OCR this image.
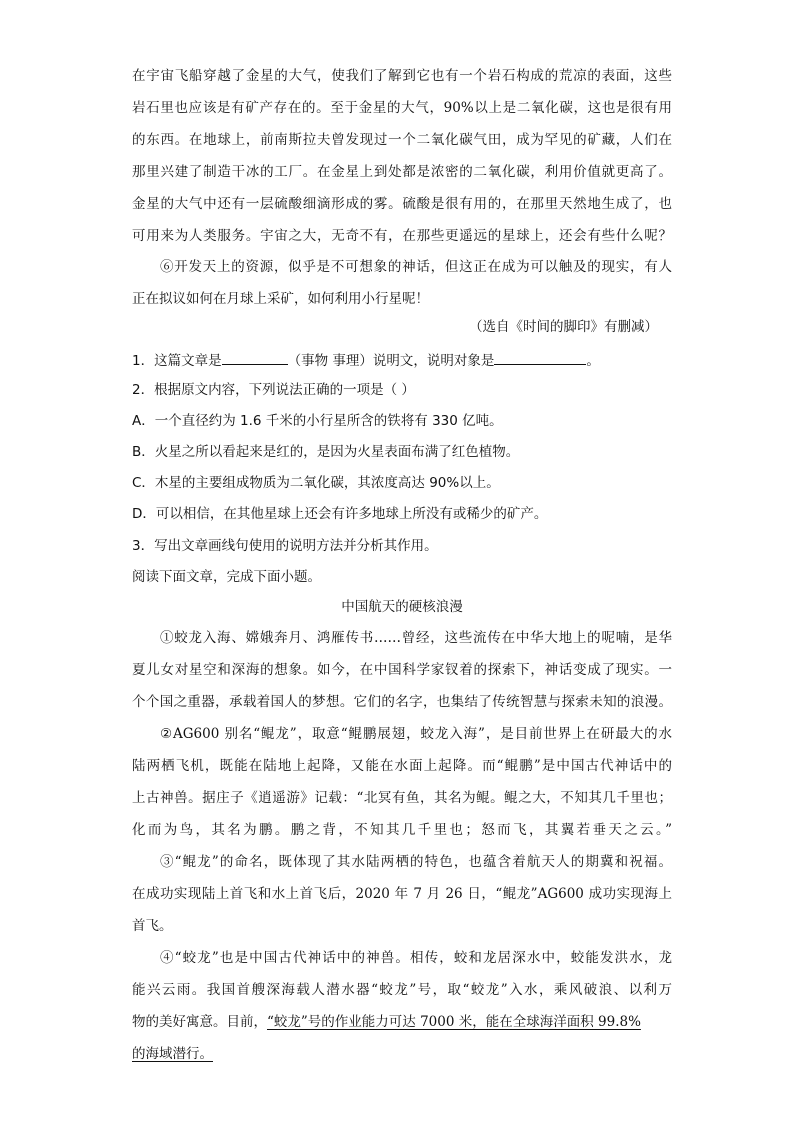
在宇宙飞船穿越了金星的大气，使我们了解到它也有一个岩石构成的荒凉的表面，这些
岩石里也应该是有矿产存在的。至于金星的大气，90%以上是二氧化碳，这也是很有用
的东西。在地球上，前南斯拉夫曾发现过一个二氧化碳气田，成为罕见的矿藏，人们在
那里兴建了制造干冰的工厂。在金星上到处都是浓密的二氧化碳，利用价值就更高了。
金星的大气中还有一层硫酸细滴形成的雾。硫酸是很有用的，在那里天然地生成了，也
可用来为人类服务。宇宙之大，无奇不有，在那些更遥远的星球上，还会有些什么呢？
⑥开发天上的资源，似乎是不可想象的神话，但这正在成为可以触及的现实，有人
正在拟议如何在月球上采矿，如何利用小行星呢！
（选自《时间的脚印》有删减）
1．这篇文章是	（事物 事理）说明文，说明对象是	。
2．根据原文内容，下列说法正确的一项是（ ）
A．一个直径约为 1.6 千米的小行星所含的铁将有 330 亿吨。
B．火星之所以看起来是红的，是因为火星表面布满了红色植物。
C．木星的主要组成物质为二氧化碳，其浓度高达 90%以上。
D．可以相信，在其他星球上还会有许多地球上所没有或稀少的矿产。
3．写出文章画线句使用的说明方法并分析其作用。
阅读下面文章，完成下面小题。
中国航天的硬核浪漫
①蛟龙入海、嫦娥奔月、鸿雁传书……曾经，这些流传在中华大地上的呢喃，是华
夏儿女对星空和深海的想象。如今，在中国科学家钗着的探索下，神话变成了现实。一
个个国之重器，承载着国人的梦想。它们的名字，也集结了传统智慧与探索未知的浪漫。
②AG600 别名“鲲龙”，取意“鲲鹏展翅，蛟龙入海”，是目前世界上在研最大的水
陆两栖飞机，既能在陆地上起降，又能在水面上起降。而“鲲鹏”是中国古代神话中的
上古神兽。据庄子《逍遥游》记载：“北冥有鱼，其名为鲲。鲲之大，不知其几千里也；
化而为鸟，其名为鹏。鹏之背，不知其几千里也；怒而飞，其翼若垂天之云。”
③“鲲龙”的命名，既体现了其水陆两栖的特色，也蕴含着航天人的期冀和祝福。
在成功实现陆上首飞和水上首飞后，2020 年 7 月 26 日，“鲲龙”AG600 成功实现海上
首飞。
④“蛟龙”也是中国古代神话中的神兽。相传，蛟和龙居深水中，蛟能发洪水，龙
能兴云雨。我国首艘深海载人潜水器“蛟龙”号，取“蛟龙”入水，乘风破浪、以利万
物的美好寓意。目前，“蛟龙”号的作业能力可达 7000 米，能在全球海洋面积 99.8%
的海域潜行。
